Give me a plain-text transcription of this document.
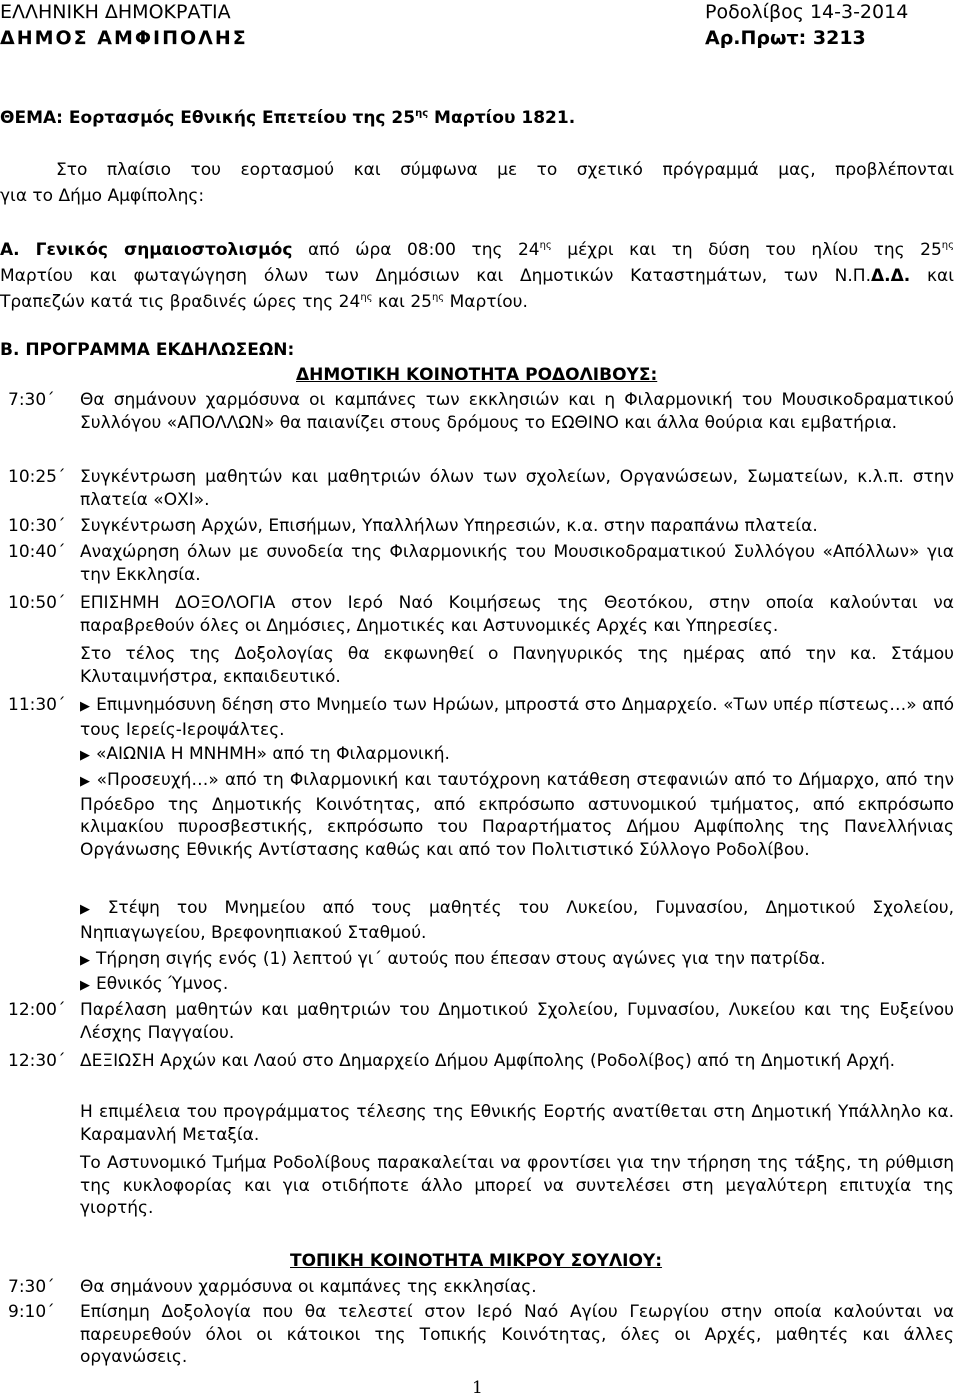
ΕΛΛΗΝΙΚΗ ΔΗΜΟΚΡΑΤΙΑ
ΔΗΜΟΣ ΑΜΦΙΠΟΛΗΣ
Ροδολίβος 14-3-2014
Αρ.Πρωτ: 3213
ΘΕΜΑ: Εορτασμός Εθνικής Επετείου της $25^{\eta\varsigma}$ Μαρτίου 1821.
Στο πλαίσιο του εορτασμού και σύμφωνα με το σχετικό πρόγραμμά μας, προβλέπονται
για το Δήμο Αμφίπολης:
Α. Γενικός σημαιοστολισμός από ώρα 08:00 της $24^{\eta\varsigma}$ μέχρι και τη δύση του ηλίου της $25^{\eta\varsigma}$
Μαρτίου και φωταγώγηση όλων των Δημόσιων και Δημοτικών Καταστημάτων, των Ν.Π.Δ.Δ. και
Τραπεζών κατά τις βραδινές ώρες της $24^{\eta\varsigma}$ και $25^{\eta\varsigma}$ Μαρτίου.
Β. ΠΡΟΓΡΑΜΜΑ ΕΚΔΗΛΩΣΕΩΝ:
ΔΗΜΟΤΙΚΗ ΚΟΙΝΟΤΗΤΑ ΡΟΔΟΛΙΒΟΥΣ:
7:30΄ Θα σημάνουν χαρμόσυνα οι καμπάνες των εκκλησιών και η Φιλαρμονική του Μουσικοδραματικού Συλλόγου «ΑΠΟΛΛΩΝ» θα παιανίζει στους δρόμους το ΕΩΘΙΝΟ και άλλα θούρια και εμβατήρια.
10:25΄ Συγκέντρωση μαθητών και μαθητριών όλων των σχολείων, Οργανώσεων, Σωματείων, κ.λ.π. στην πλατεία «ΟΧΙ».
10:30΄ Συγκέντρωση Αρχών, Επισήμων, Υπαλλήλων Υπηρεσιών, κ.α. στην παραπάνω πλατεία.
10:40΄ Αναχώρηση όλων με συνοδεία της Φιλαρμονικής του Μουσικοδραματικού Συλλόγου «Απόλλων» για την Εκκλησία.
10:50΄ ΕΠΙΣΗΜΗ ΔΟΞΟΛΟΓΙΑ στον Ιερό Ναό Κοιμήσεως της Θεοτόκου, στην οποία καλούνται να παραβρεθούν όλες οι Δημόσιες, Δημοτικές και Αστυνομικές Αρχές και Υπηρεσίες.
Στο τέλος της Δοξολογίας θα εκφωνηθεί ο Πανηγυρικός της ημέρας από την κα. Στάμου Κλυταιμνήστρα, εκπαιδευτικό.
11:30΄ ▶ Επιμνημόσυνη δέηση στο Μνημείο των Ηρώων, μπροστά στο Δημαρχείο. «Των υπέρ πίστεως…» από τους Ιερείς-Ιεροψάλτες.
▶ «ΑΙΩΝΙΑ Η ΜΝΗΜΗ» από τη Φιλαρμονική.
▶ «Προσευχή…» από τη Φιλαρμονική και ταυτόχρονη κατάθεση στεφανιών από το Δήμαρχο, από την Πρόεδρο της Δημοτικής Κοινότητας, από εκπρόσωπο αστυνομικού τμήματος, από εκπρόσωπο κλιμακίου πυροσβεστικής, εκπρόσωπο του Παραρτήματος Δήμου Αμφίπολης της Πανελλήνιας Οργάνωσης Εθνικής Αντίστασης καθώς και από τον Πολιτιστικό Σύλλογο Ροδολίβου.
▶ Στέψη του Μνημείου από τους μαθητές του Λυκείου, Γυμνασίου, Δημοτικού Σχολείου, Νηπιαγωγείου, Βρεφονηπιακού Σταθμού.
▶ Τήρηση σιγής ενός (1) λεπτού γι΄ αυτούς που έπεσαν στους αγώνες για την πατρίδα.
▶ Εθνικός Ύμνος.
12:00΄ Παρέλαση μαθητών και μαθητριών του Δημοτικού Σχολείου, Γυμνασίου, Λυκείου και της Ευξείνου Λέσχης Παγγαίου.
12:30΄ ΔΕΞΙΩΣΗ Αρχών και Λαού στο Δημαρχείο Δήμου Αμφίπολης (Ροδολίβος) από τη Δημοτική Αρχή.
Η επιμέλεια του προγράμματος τέλεσης της Εθνικής Εορτής ανατίθεται στη Δημοτική Υπάλληλο κα. Καραμανλή Μεταξία.
Το Αστυνομικό Τμήμα Ροδολίβους παρακαλείται να φροντίσει για την τήρηση της τάξης, τη ρύθμιση της κυκλοφορίας και για οτιδήποτε άλλο μπορεί να συντελέσει στη μεγαλύτερη επιτυχία της γιορτής.
ΤΟΠΙΚΗ ΚΟΙΝΟΤΗΤΑ ΜΙΚΡΟΥ ΣΟΥΛΙΟΥ:
7:30΄ Θα σημάνουν χαρμόσυνα οι καμπάνες της εκκλησίας.
9:10΄ Επίσημη Δοξολογία που θα τελεστεί στον Ιερό Ναό Αγίου Γεωργίου στην οποία καλούνται να παρευρεθούν όλοι οι κάτοικοι της Τοπικής Κοινότητας, όλες οι Αρχές, μαθητές και άλλες οργανώσεις.
1
